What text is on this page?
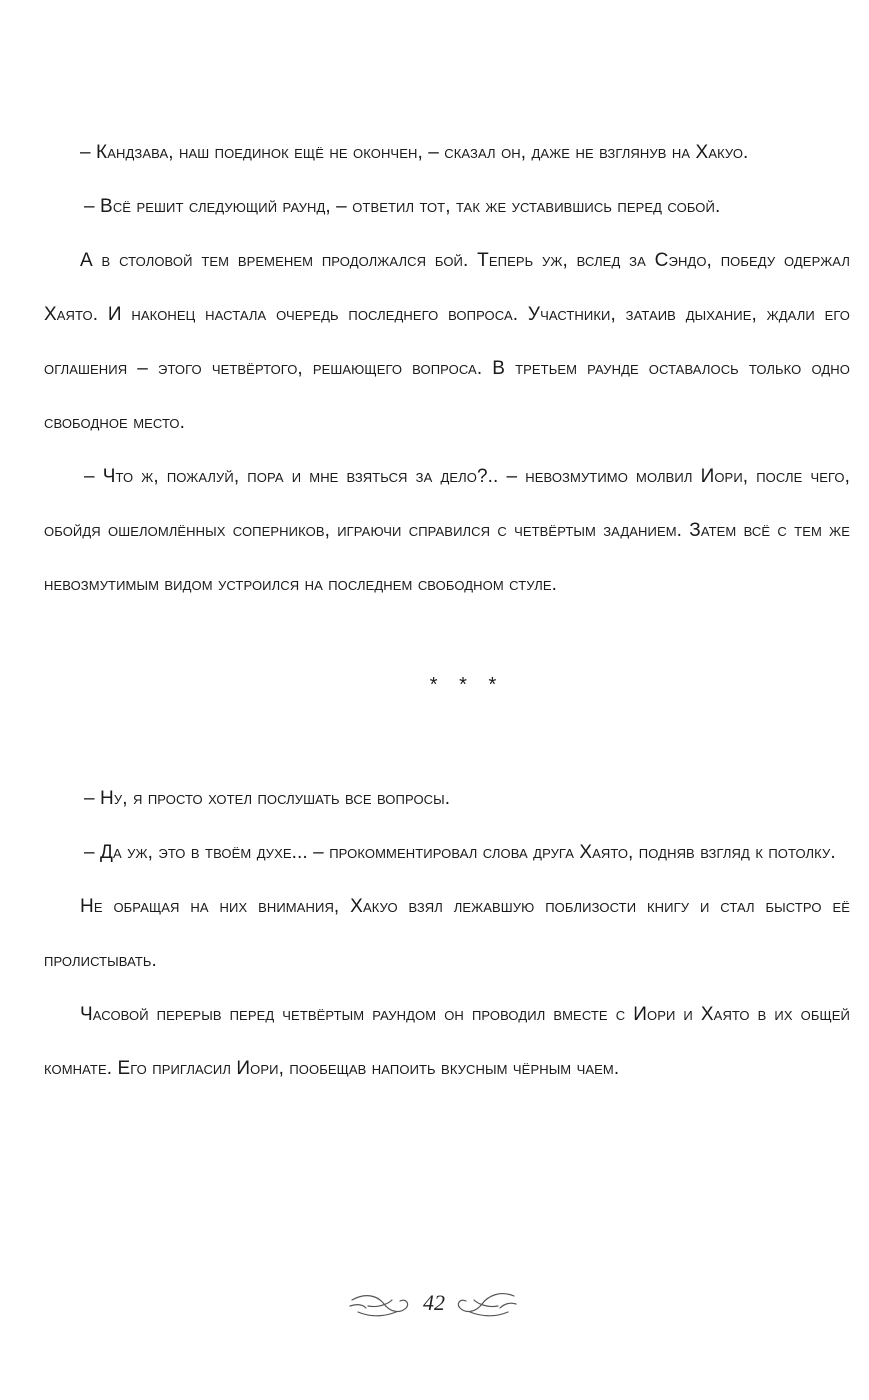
– Кандзава, наш поединок ещё не окончен, – сказал он, даже не взглянув на Хакуо.

– Всё решит следующий раунд, – ответил тот, так же уставившись перед собой.

А в столовой тем временем продолжался бой. Теперь уж, вслед за Сэндо, победу одержал Хаято. И наконец настала очередь последнего вопроса. Участники, затаив дыхание, ждали его оглашения – этого четвёртого, решающего вопроса. В третьем раунде оставалось только одно свободное место.

– Что ж, пожалуй, пора и мне взяться за дело?.. – невозмутимо молвил Иори, после чего, обойдя ошеломлённых соперников, играючи справился с четвёртым заданием. Затем всё с тем же невозмутимым видом устроился на последнем свободном стуле.

* * *

– Ну, я просто хотел послушать все вопросы.

– Да уж, это в твоём духе... – прокомментировал слова друга Хаято, подняв взгляд к потолку.

Не обращая на них внимания, Хакуо взял лежавшую поблизости книгу и стал быстро её пролистывать.

Часовой перерыв перед четвёртым раундом он проводил вместе с Иори и Хаято в их общей комнате. Его пригласил Иори, пообещав напоить вкусным чёрным чаем.

42
